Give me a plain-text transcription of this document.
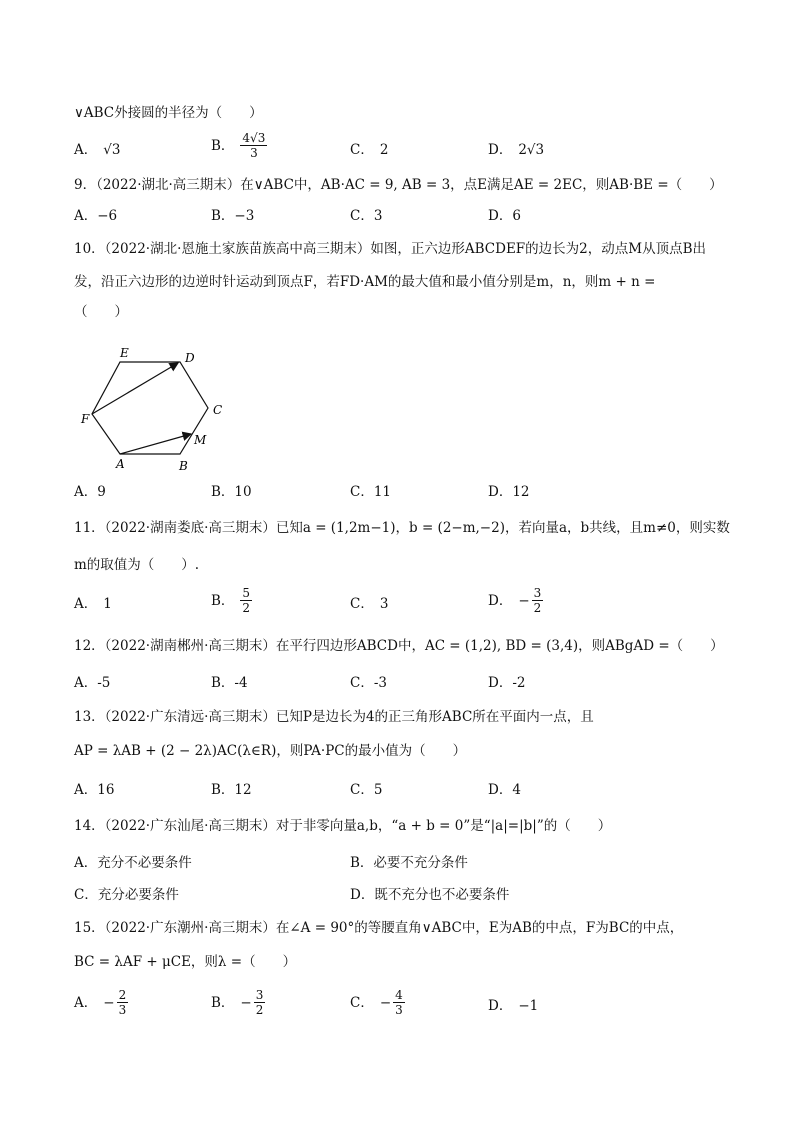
∨ABC外接圆的半径为（　　）
A． √3	B． $\frac{4√3}{3}$	C． 2	D． 2√3
9．（2022·湖北·高三期末）在∨ABC中，AB·AC = 9, AB = 3，点E满足AE = 2EC，则AB·BE =（　　）
A．−6	B．−3	C．3	D．6
10．（2022·湖北·恩施土家族苗族高中高三期末）如图，正六边形ABCDEF的边长为2，动点M从顶点B出
发，沿正六边形的边逆时针运动到顶点F，若FD·AM的最大值和最小值分别是m，n，则m + n =
（　　）
A	B
C
D
E
F
M
A．9	B．10	C．11	D．12
11．（2022·湖南娄底·高三期末）已知a = (1,2m−1)，b = (2−m,−2)，若向量a，b共线，且m≠0，则实数
m的取值为（　　）.
A． 1	B． $\frac{5}{2}$	C． 3	D． − $\frac{3}{2}$
12．（2022·湖南郴州·高三期末）在平行四边形ABCD中，AC = (1,2), BD = (3,4)，则ABgAD =（　　）
A．-5	B．-4	C．-3	D．-2
13．（2022·广东清远·高三期末）已知P是边长为4的正三角形ABC所在平面内一点，且
AP = λAB + (2 − 2λ)AC(λ∈R)，则PA·PC的最小值为（　　）
A．16	B．12	C．5	D．4
14．（2022·广东汕尾·高三期末）对于非零向量a,b，“a + b = 0”是“|a|=|b|”的（　　）
A．充分不必要条件	B．必要不充分条件
C．充分必要条件	D．既不充分也不必要条件
15．（2022·广东潮州·高三期末）在∠A = 90°的等腰直角∨ABC中，E为AB的中点，F为BC的中点，
BC = λAF + μCE，则λ =（　　）
A． − $\frac{2}{3}$	B． − $\frac{3}{2}$	C． − $\frac{4}{3}$	D． −1
